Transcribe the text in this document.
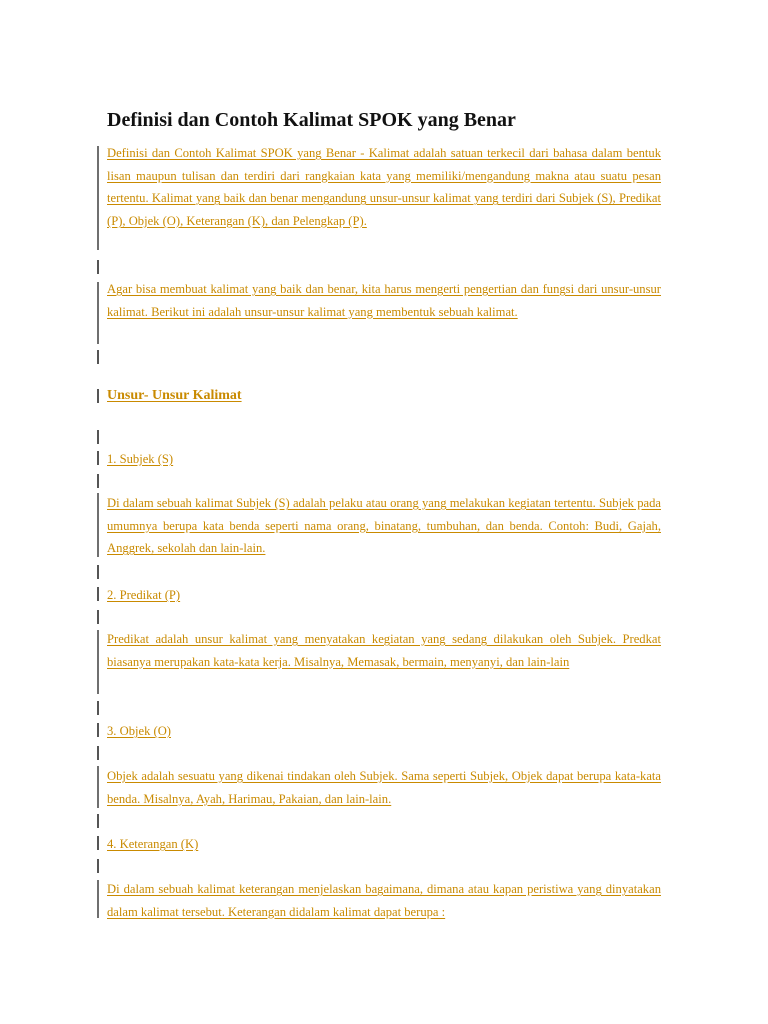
Definisi dan Contoh Kalimat SPOK yang Benar

Definisi dan Contoh Kalimat SPOK yang Benar - Kalimat adalah satuan terkecil dari bahasa dalam bentuk lisan maupun tulisan dan terdiri dari rangkaian kata yang memiliki/mengandung makna atau suatu pesan tertentu. Kalimat yang baik dan benar mengandung unsur-unsur kalimat yang terdiri dari Subjek (S), Predikat (P), Objek (O), Keterangan (K), dan Pelengkap (P).

Agar bisa membuat kalimat yang baik dan benar, kita harus mengerti pengertian dan fungsi dari unsur-unsur kalimat. Berikut ini adalah unsur-unsur kalimat yang membentuk sebuah kalimat.

Unsur- Unsur Kalimat

1. Subjek (S)

Di dalam sebuah kalimat Subjek (S) adalah pelaku atau orang yang melakukan kegiatan tertentu. Subjek pada umumnya berupa kata benda seperti nama orang, binatang, tumbuhan, dan benda. Contoh: Budi, Gajah, Anggrek, sekolah dan lain-lain.

2. Predikat (P)

Predikat adalah unsur kalimat yang menyatakan kegiatan yang sedang dilakukan oleh Subjek. Predkat biasanya merupakan kata-kata kerja. Misalnya, Memasak, bermain, menyanyi, dan lain-lain

3. Objek (O)

Objek adalah sesuatu yang dikenai tindakan oleh Subjek. Sama seperti Subjek, Objek dapat berupa kata-kata benda. Misalnya, Ayah, Harimau, Pakaian, dan lain-lain.

4. Keterangan (K)

Di dalam sebuah kalimat keterangan menjelaskan bagaimana, dimana atau kapan peristiwa yang dinyatakan dalam kalimat tersebut. Keterangan didalam kalimat dapat berupa :
